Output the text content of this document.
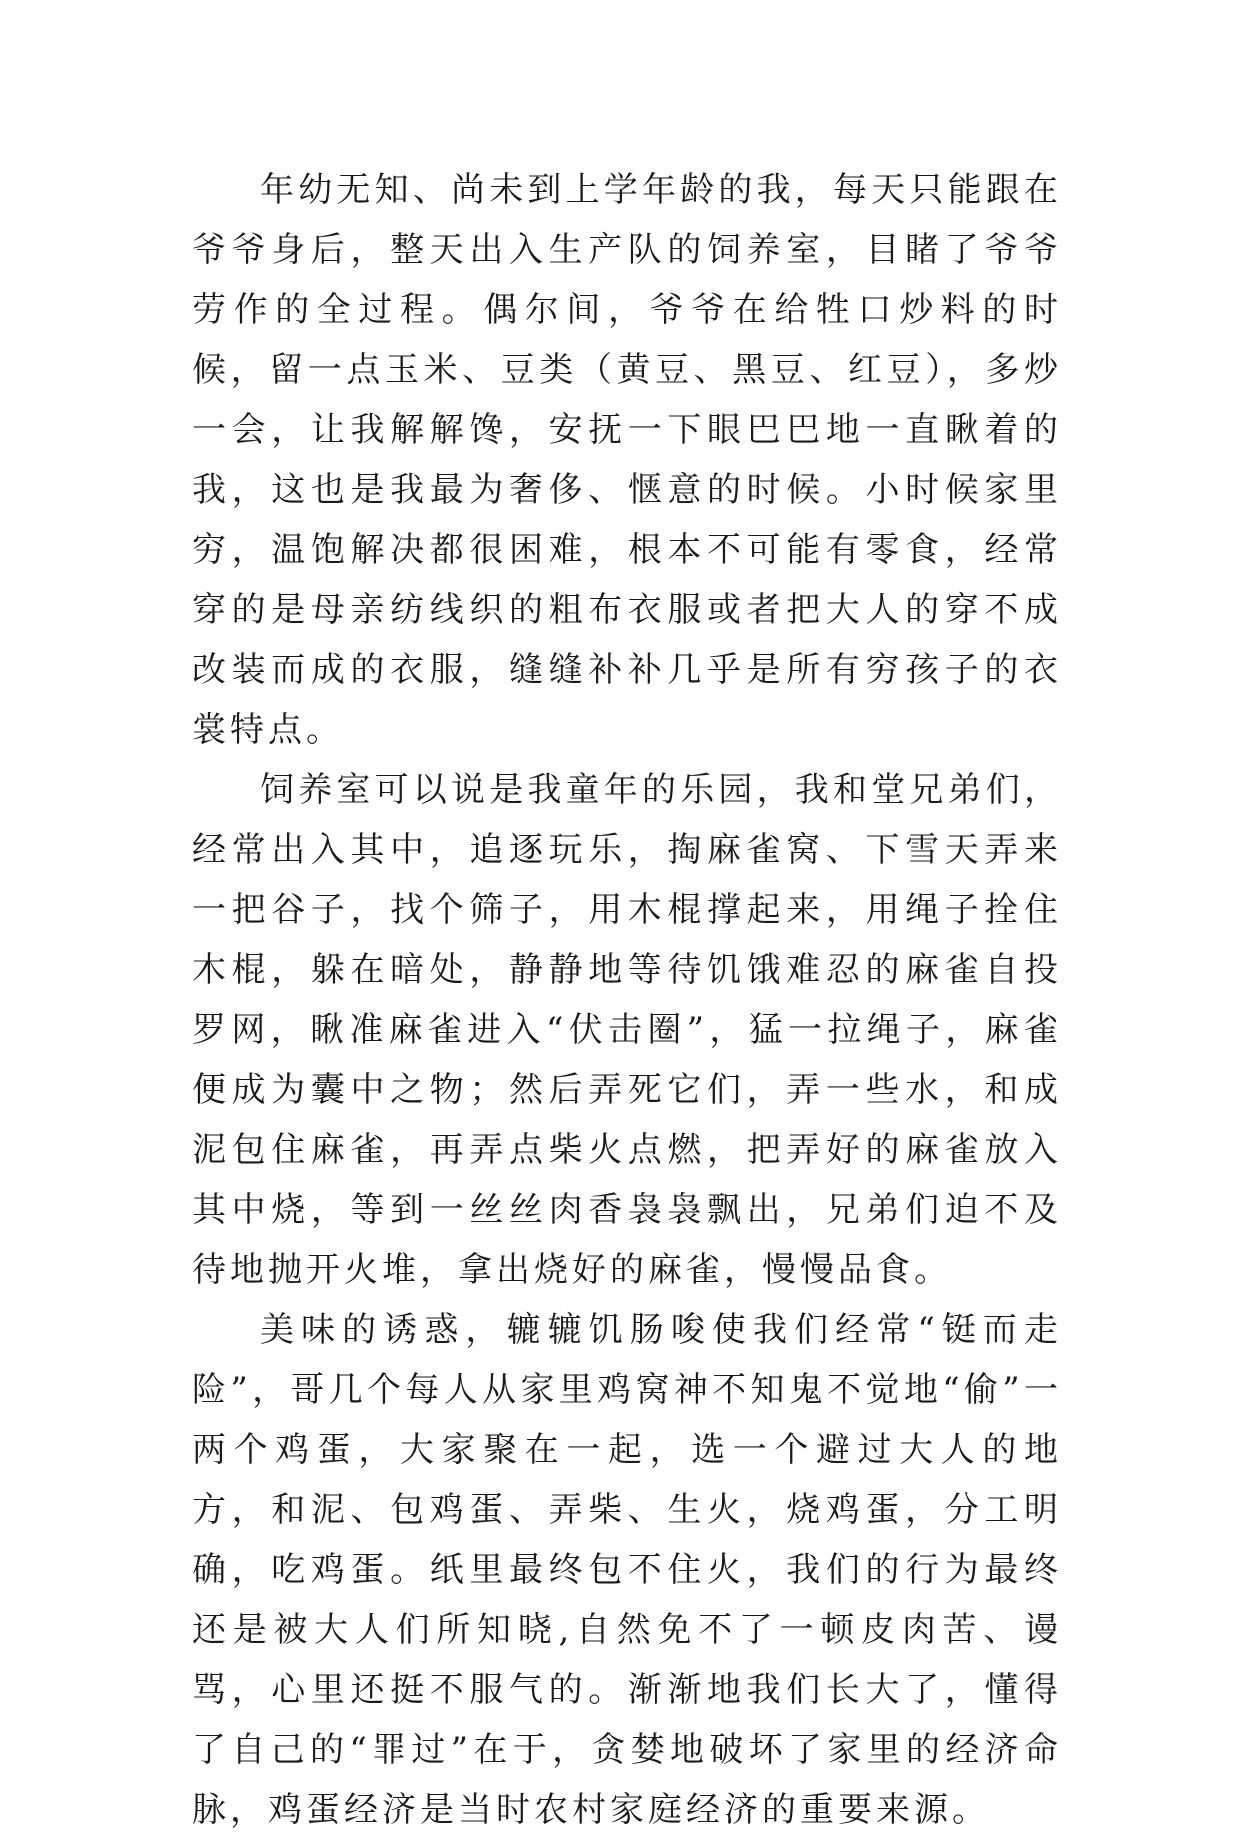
年幼无知、尚未到上学年龄的我，每天只能跟在爷爷身后，整天出入生产队的饲养室，目睹了爷爷劳作的全过程。偶尔间，爷爷在给牲口炒料的时候，留一点玉米、豆类（黄豆、黑豆、红豆），多炒一会，让我解解馋，安抚一下眼巴巴地一直瞅着的我，这也是我最为奢侈、惬意的时候。小时候家里穷，温饱解决都很困难，根本不可能有零食，经常穿的是母亲纺线织的粗布衣服或者把大人的穿不成改装而成的衣服，缝缝补补几乎是所有穷孩子的衣裳特点。

饲养室可以说是我童年的乐园，我和堂兄弟们，经常出入其中，追逐玩乐，掏麻雀窝、下雪天弄来一把谷子，找个筛子，用木棍撑起来，用绳子拴住木棍，躲在暗处，静静地等待饥饿难忍的麻雀自投罗网，瞅准麻雀进入“伏击圈”，猛一拉绳子，麻雀便成为囊中之物；然后弄死它们，弄一些水，和成泥包住麻雀，再弄点柴火点燃，把弄好的麻雀放入其中烧，等到一丝丝肉香袅袅飘出，兄弟们迫不及待地抛开火堆，拿出烧好的麻雀，慢慢品食。

美味的诱惑，辘辘饥肠唆使我们经常“铤而走险”，哥几个每人从家里鸡窝神不知鬼不觉地“偷”一两个鸡蛋，大家聚在一起，选一个避过大人的地方，和泥、包鸡蛋、弄柴、生火，烧鸡蛋，分工明确，吃鸡蛋。纸里最终包不住火，我们的行为最终还是被大人们所知晓,自然免不了一顿皮肉苦、谩骂，心里还挺不服气的。渐渐地我们长大了，懂得了自己的“罪过”在于，贪婪地破坏了家里的经济命脉，鸡蛋经济是当时农村家庭经济的重要来源。
